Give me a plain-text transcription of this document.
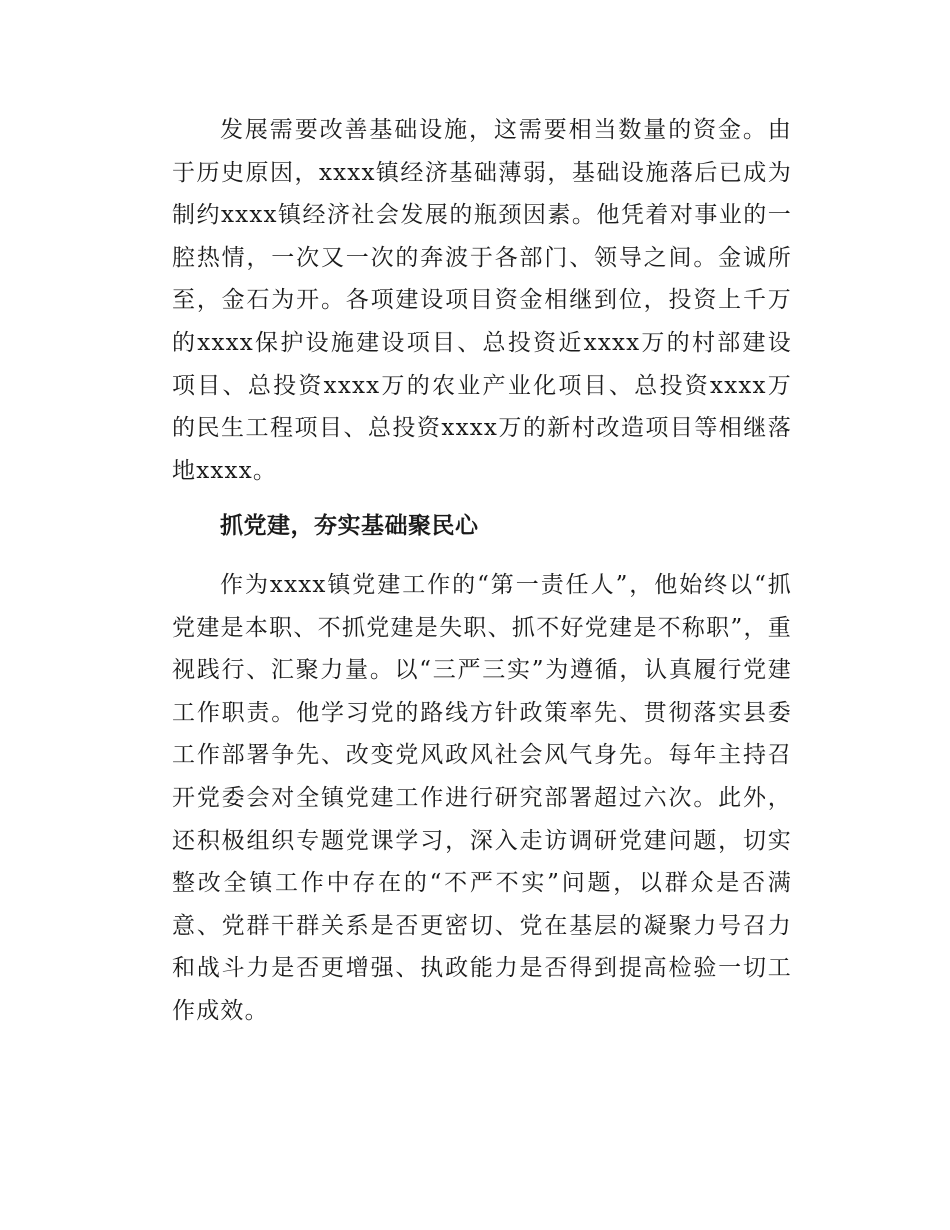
发展需要改善基础设施，这需要相当数量的资金。由于历史原因，xxxx镇经济基础薄弱，基础设施落后已成为制约xxxx镇经济社会发展的瓶颈因素。他凭着对事业的一腔热情，一次又一次的奔波于各部门、领导之间。金诚所至，金石为开。各项建设项目资金相继到位，投资上千万的xxxx保护设施建设项目、总投资近xxxx万的村部建设项目、总投资xxxx万的农业产业化项目、总投资xxxx万的民生工程项目、总投资xxxx万的新村改造项目等相继落地xxxx。

抓党建，夯实基础聚民心

作为xxxx镇党建工作的“第一责任人”，他始终以“抓党建是本职、不抓党建是失职、抓不好党建是不称职”，重视践行、汇聚力量。以“三严三实”为遵循，认真履行党建工作职责。他学习党的路线方针政策率先、贯彻落实县委工作部署争先、改变党风政风社会风气身先。每年主持召开党委会对全镇党建工作进行研究部署超过六次。此外，还积极组织专题党课学习，深入走访调研党建问题，切实整改全镇工作中存在的“不严不实”问题，以群众是否满意、党群干群关系是否更密切、党在基层的凝聚力号召力和战斗力是否更增强、执政能力是否得到提高检验一切工作成效。
